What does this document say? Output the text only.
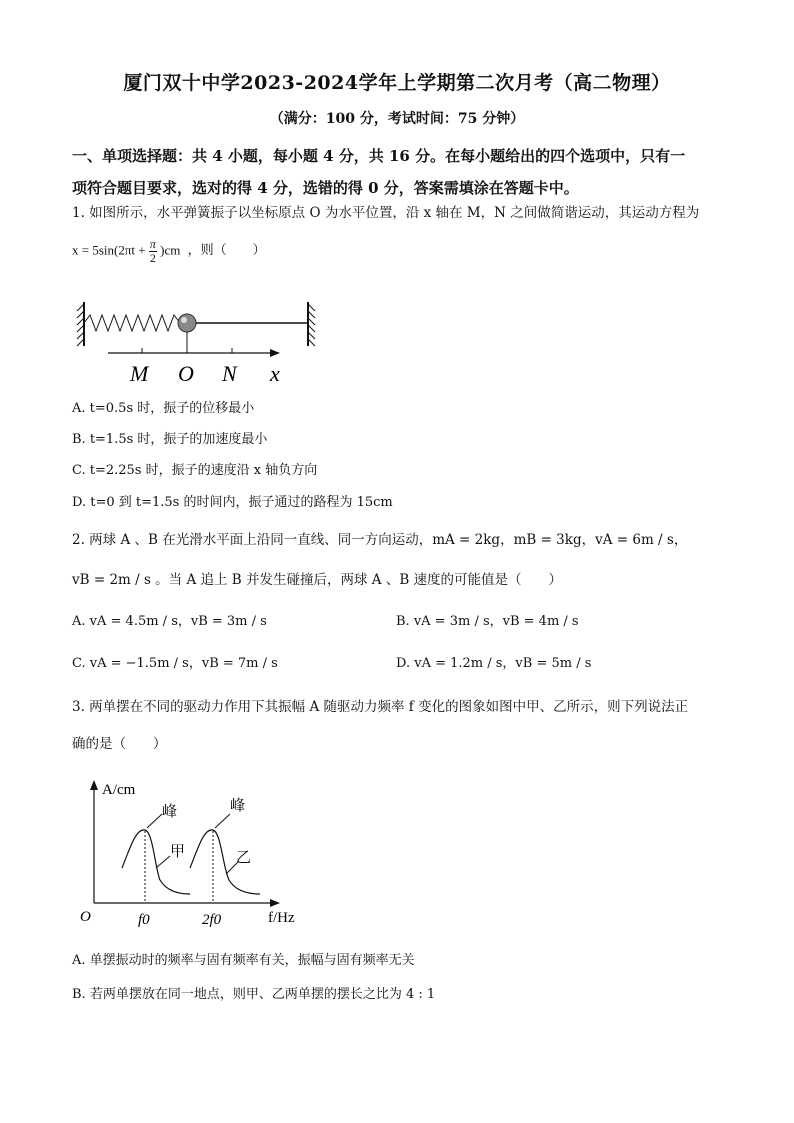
厦门双十中学2023-2024学年上学期第二次月考（高二物理）
（满分：100 分，考试时间：75 分钟）
一、单项选择题：共 4 小题，每小题 4 分，共 16 分。在每小题给出的四个选项中，只有一
项符合题目要求，选对的得 4 分，选错的得 0 分，答案需填涂在答题卡中。
1. 如图所示，水平弹簧振子以坐标原点 O 为水平位置，沿 x 轴在 M，N 之间做简谐运动，其运动方程为
$x = 5\sin(2\pi t + \frac{\pi}{2} )cm$ ，则（　　）
M O N x
A. t=0.5s 时，振子的位移最小
B. t=1.5s 时，振子的加速度最小
C. t=2.25s 时，振子的速度沿 x 轴负方向
D. t=0 到 t=1.5s 的时间内，振子通过的路程为 15cm
2. 两球 A 、B 在光滑水平面上沿同一直线、同一方向运动，mA = 2kg，mB = 3kg，vA = 6m / s，
vB = 2m / s 。当 A 追上 B 并发生碰撞后，两球 A 、B 速度的可能值是（　　）
A. vA = 4.5m / s，vB = 3m / s	B. vA = 3m / s，vB = 4m / s
C. vA = −1.5m / s，vB = 7m / s	D. vA = 1.2m / s，vB = 5m / s
3. 两单摆在不同的驱动力作用下其振幅 A 随驱动力频率 f 变化的图象如图中甲、乙所示，则下列说法正
确的是（　　）
A/cm
f/Hz
O
峰	峰
甲	乙
f0	2f0
A. 单摆振动时的频率与固有频率有关，振幅与固有频率无关
B. 若两单摆放在同一地点，则甲、乙两单摆的摆长之比为 4 : 1
